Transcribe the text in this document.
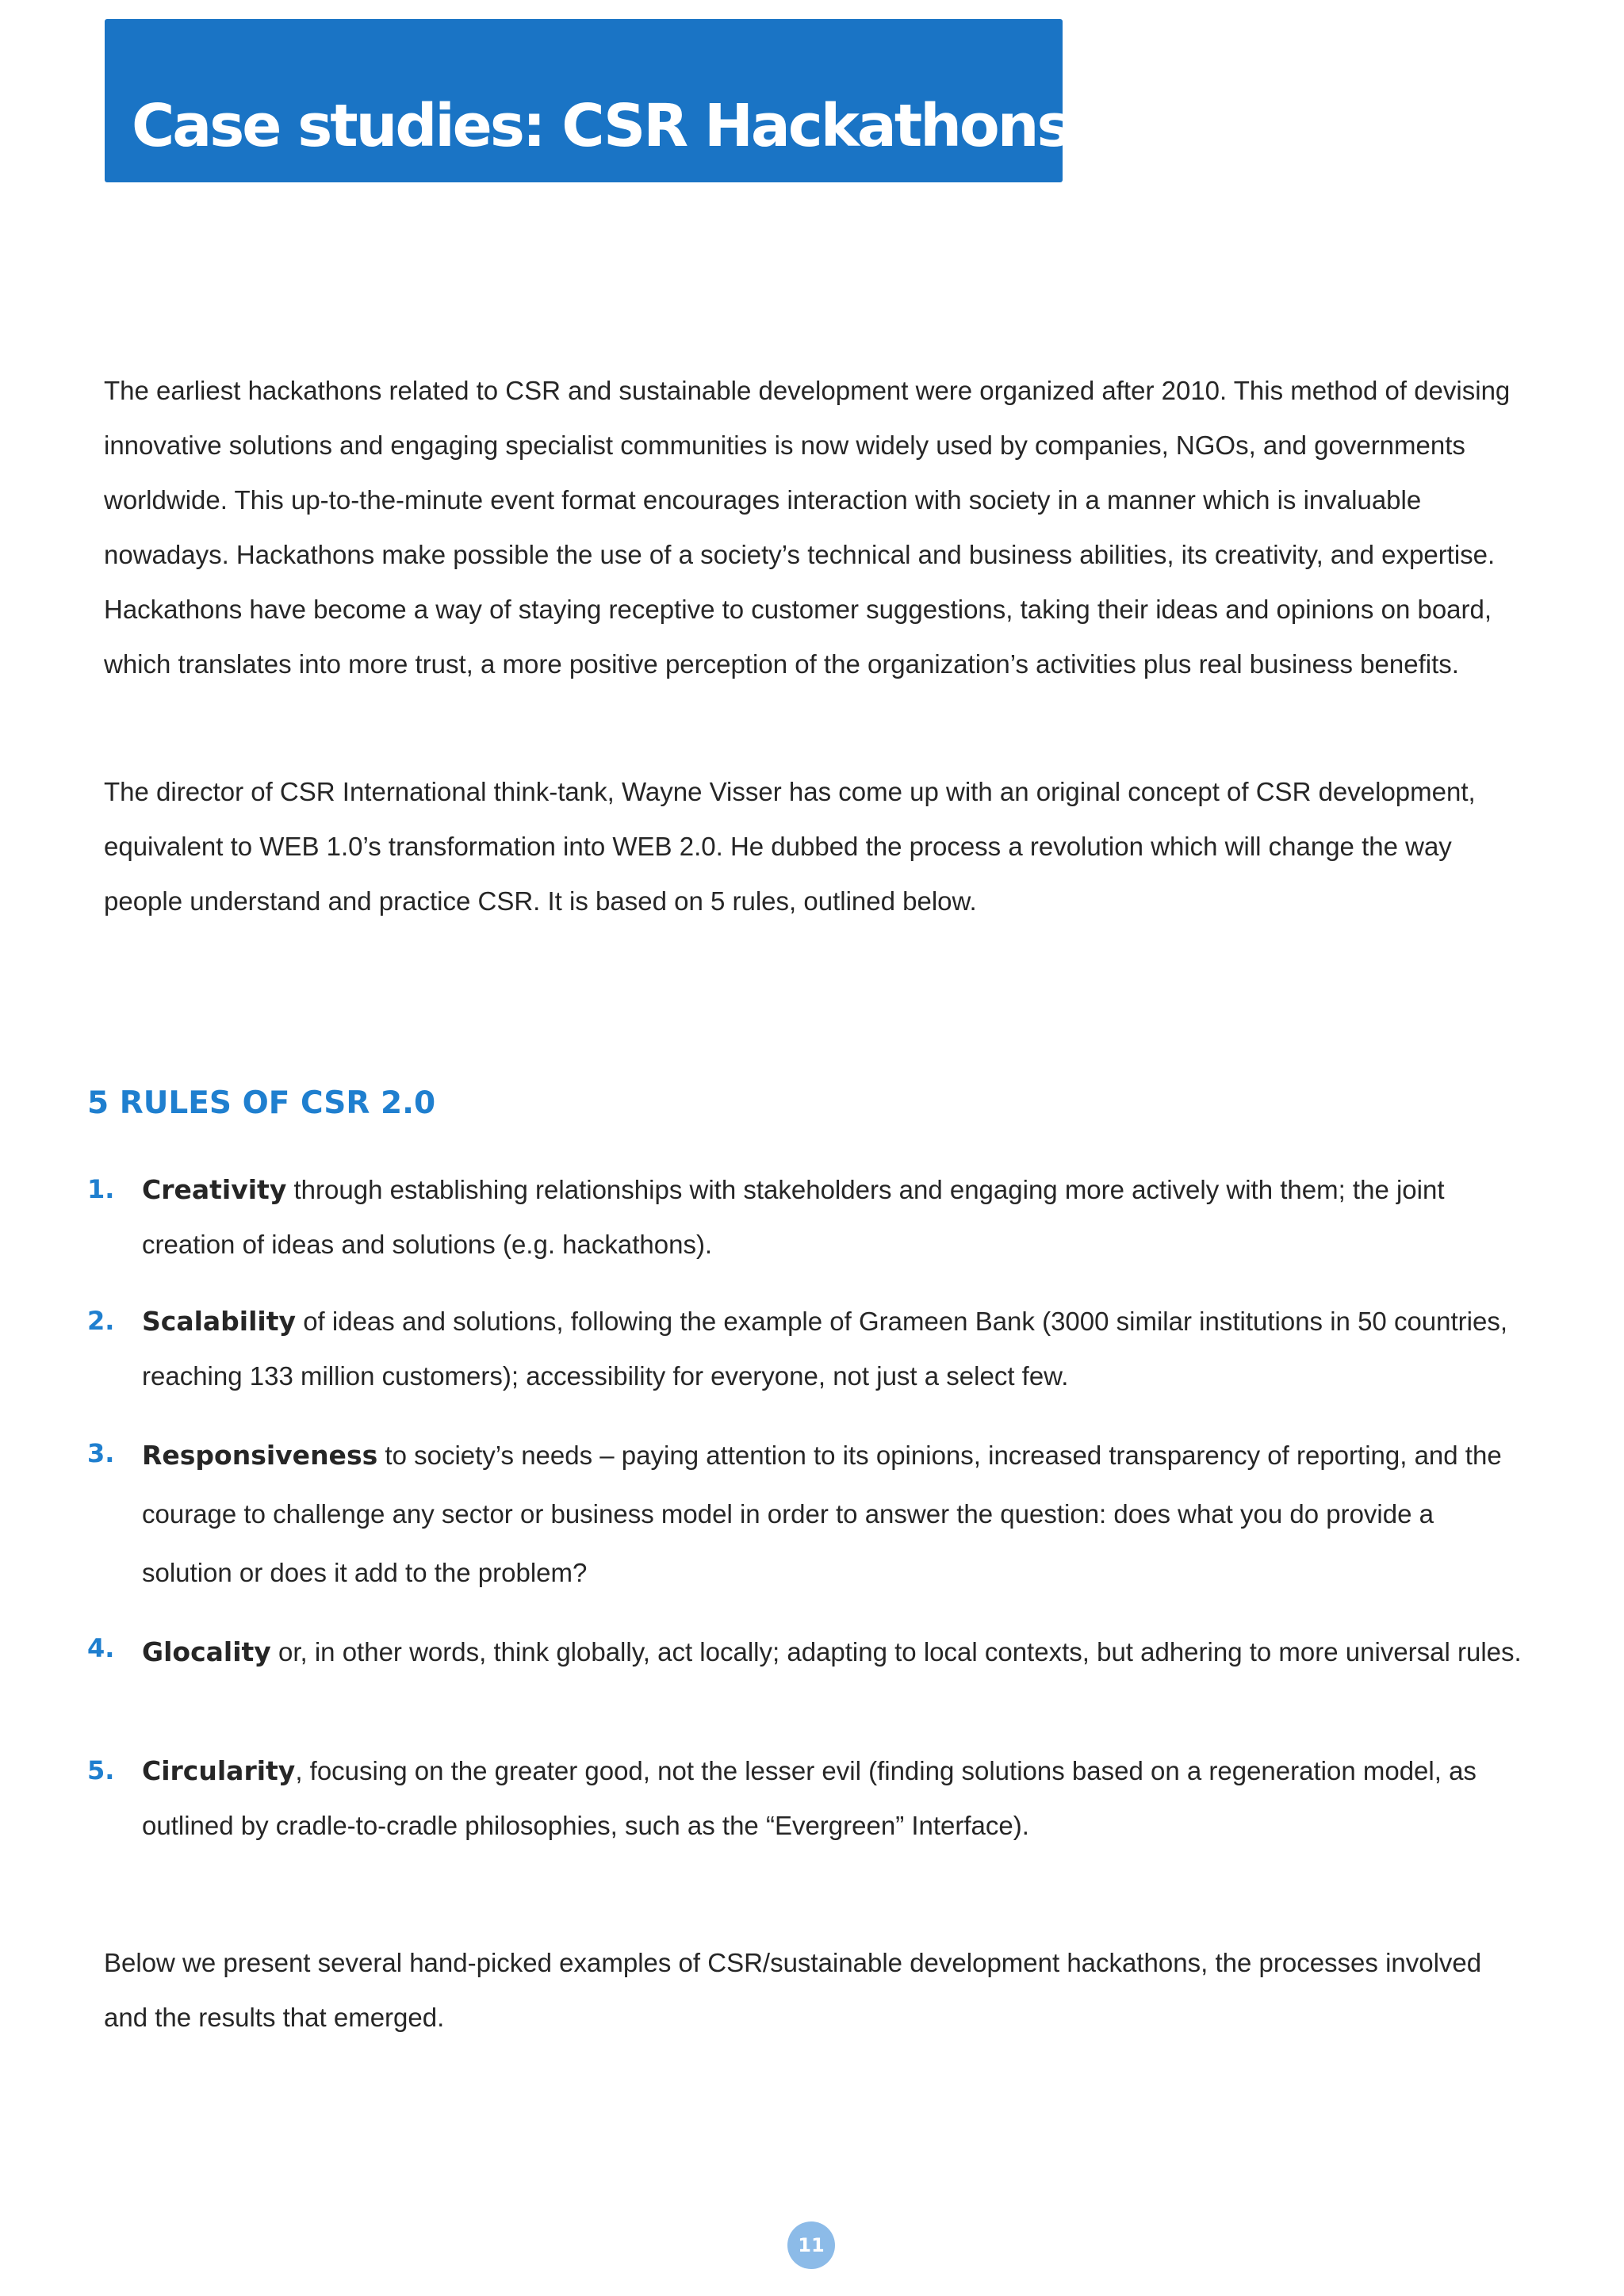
Case studies: CSR Hackathons

The earliest hackathons related to CSR and sustainable development were organized after 2010. This method of devising innovative solutions and engaging specialist communities is now widely used by companies, NGOs, and governments worldwide. This up-to-the-minute event format encourages interaction with society in a manner which is invaluable nowadays. Hackathons make possible the use of a society’s technical and business abilities, its creativity, and expertise. Hackathons have become a way of staying receptive to customer suggestions, taking their ideas and opinions on board, which translates into more trust, a more positive perception of the organization’s activities plus real business benefits.

The director of CSR International think-tank, Wayne Visser has come up with an original concept of CSR development, equivalent to WEB 1.0’s transformation into WEB 2.0. He dubbed the process a revolution which will change the way people understand and practice CSR. It is based on 5 rules, outlined below.

5 RULES OF CSR 2.0
1. Creativity through establishing relationships with stakeholders and engaging more actively with them; the joint creation of ideas and solutions (e.g. hackathons).
2. Scalability of ideas and solutions, following the example of Grameen Bank (3000 similar institutions in 50 countries, reaching 133 million customers); accessibility for everyone, not just a select few.
3. Responsiveness to society’s needs – paying attention to its opinions, increased transparency of reporting, and the courage to challenge any sector or business model in order to answer the question: does what you do provide a solution or does it add to the problem?
4. Glocality or, in other words, think globally, act locally; adapting to local contexts, but adhering to more universal rules.
5. Circularity, focusing on the greater good, not the lesser evil (finding solutions based on a regeneration model, as outlined by cradle-to-cradle philosophies, such as the “Evergreen” Interface).

Below we present several hand-picked examples of CSR/sustainable development hackathons, the processes involved and the results that emerged.

11
